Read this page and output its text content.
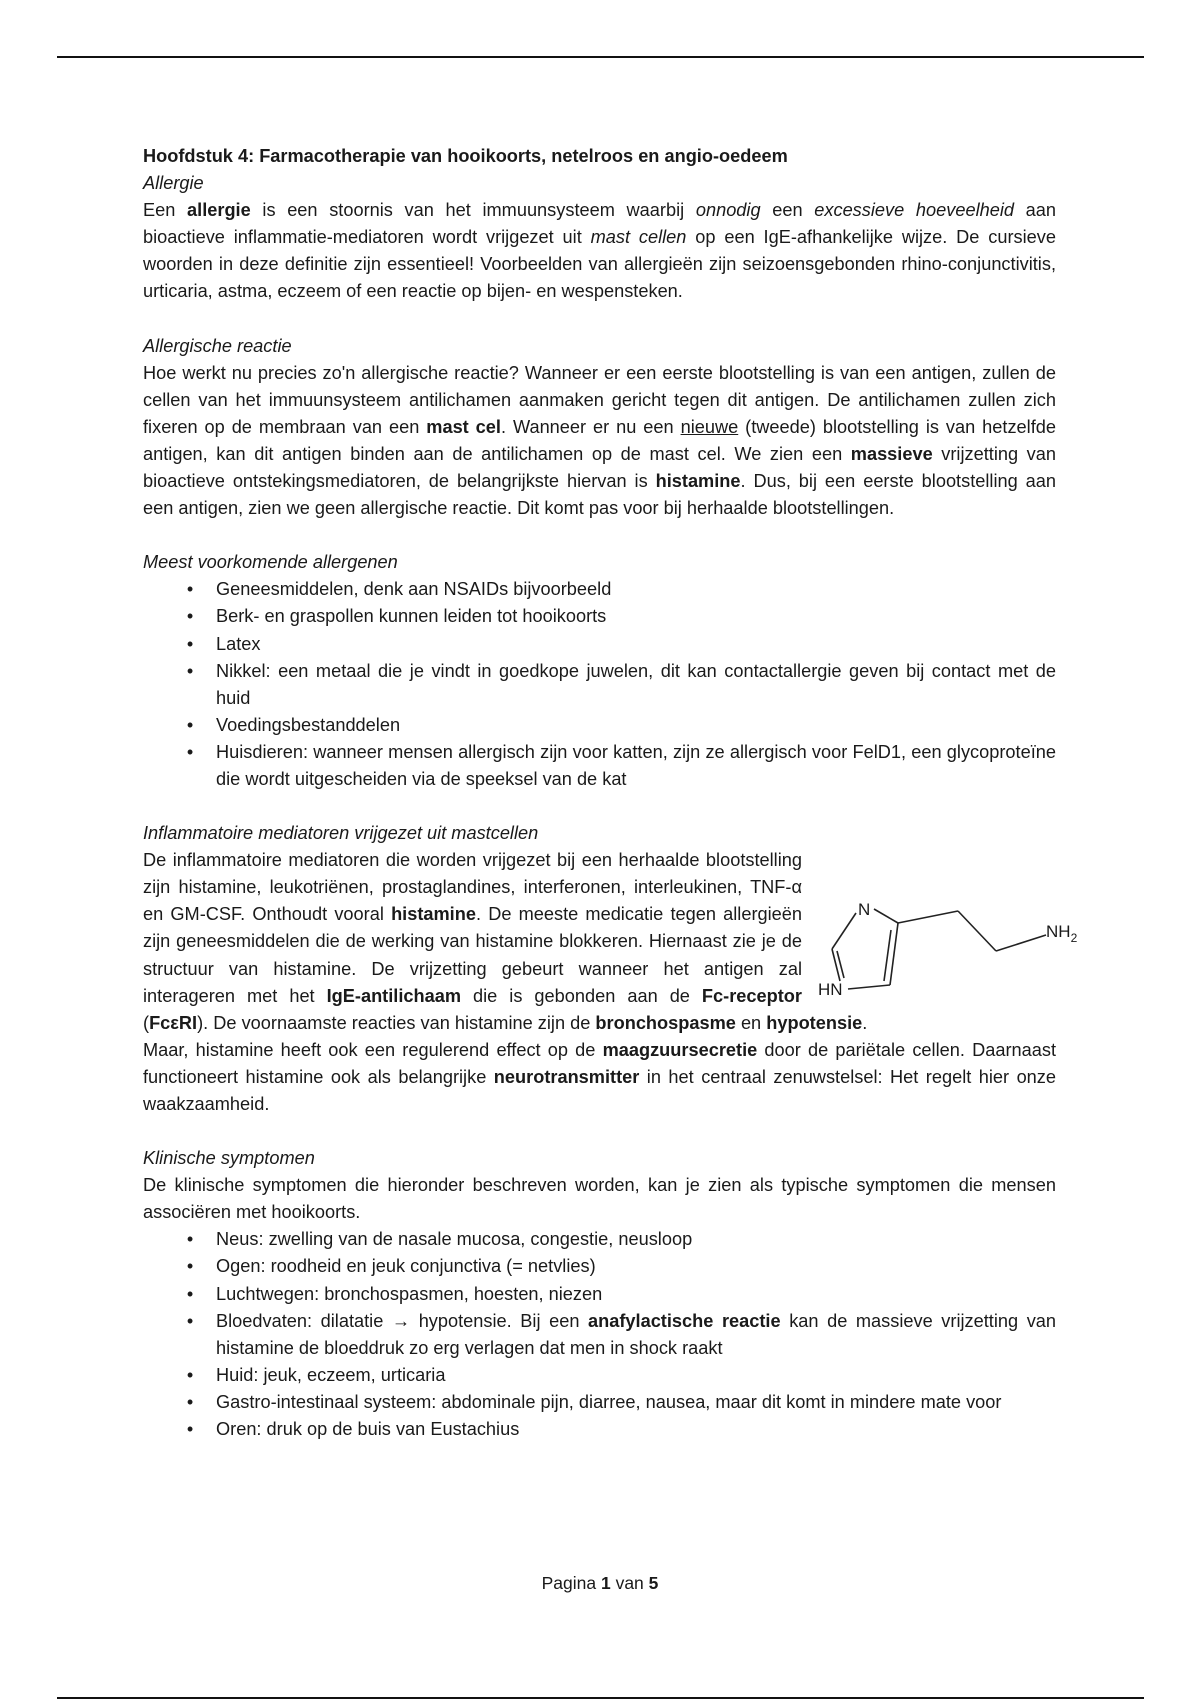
Hoofdstuk 4: Farmacotherapie van hooikoorts, netelroos en angio-oedeem

Allergie

Een allergie is een stoornis van het immuunsysteem waarbij onnodig een excessieve hoeveelheid aan bioactieve inflammatie-mediatoren wordt vrijgezet uit mast cellen op een IgE-afhankelijke wijze. De cursieve woorden in deze definitie zijn essentieel! Voorbeelden van allergieën zijn seizoensgebonden rhino-conjunctivitis, urticaria, astma, eczeem of een reactie op bijen- en wespensteken.

Allergische reactie

Hoe werkt nu precies zo'n allergische reactie? Wanneer er een eerste blootstelling is van een antigen, zullen de cellen van het immuunsysteem antilichamen aanmaken gericht tegen dit antigen. De antilichamen zullen zich fixeren op de membraan van een mast cel. Wanneer er nu een nieuwe (tweede) blootstelling is van hetzelfde antigen, kan dit antigen binden aan de antilichamen op de mast cel. We zien een massieve vrijzetting van bioactieve ontstekingsmediatoren, de belangrijkste hiervan is histamine. Dus, bij een eerste blootstelling aan een antigen, zien we geen allergische reactie. Dit komt pas voor bij herhaalde blootstellingen.

Meest voorkomende allergenen

• Geneesmiddelen, denk aan NSAIDs bijvoorbeeld
• Berk- en graspollen kunnen leiden tot hooikoorts
• Latex
• Nikkel: een metaal die je vindt in goedkope juwelen, dit kan contactallergie geven bij contact met de huid
• Voedingsbestanddelen
• Huisdieren: wanneer mensen allergisch zijn voor katten, zijn ze allergisch voor FelD1, een glycoproteïne die wordt uitgescheiden via de speeksel van de kat

Inflammatoire mediatoren vrijgezet uit mastcellen

N
HN
$NH_2$

De inflammatoire mediatoren die worden vrijgezet bij een herhaalde blootstelling zijn histamine, leukotriënen, prostaglandines, interferonen, interleukinen, TNF-α en GM-CSF. Onthoudt vooral histamine. De meeste medicatie tegen allergieën zijn geneesmiddelen die de werking van histamine blokkeren. Hiernaast zie je de structuur van histamine. De vrijzetting gebeurt wanneer het antigen zal interageren met het IgE-antilichaam die is gebonden aan de Fc-receptor (FcεRI). De voornaamste reacties van histamine zijn de bronchospasme en hypotensie.

Maar, histamine heeft ook een regulerend effect op de maagzuursecretie door de pariëtale cellen. Daarnaast functioneert histamine ook als belangrijke neurotransmitter in het centraal zenuwstelsel: Het regelt hier onze waakzaamheid.

Klinische symptomen

De klinische symptomen die hieronder beschreven worden, kan je zien als typische symptomen die mensen associëren met hooikoorts.

• Neus: zwelling van de nasale mucosa, congestie, neusloop
• Ogen: roodheid en jeuk conjunctiva (= netvlies)
• Luchtwegen: bronchospasmen, hoesten, niezen
• Bloedvaten: dilatatie → hypotensie. Bij een anafylactische reactie kan de massieve vrijzetting van histamine de bloeddruk zo erg verlagen dat men in shock raakt
• Huid: jeuk, eczeem, urticaria
• Gastro-intestinaal systeem: abdominale pijn, diarree, nausea, maar dit komt in mindere mate voor
• Oren: druk op de buis van Eustachius
Pagina 1 van 5
